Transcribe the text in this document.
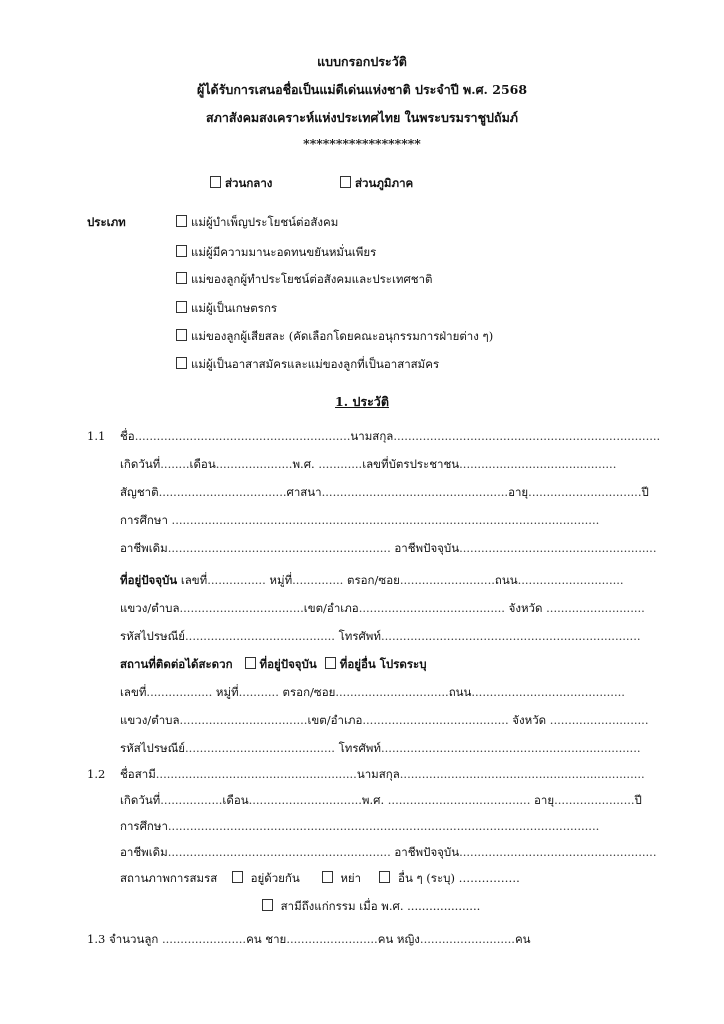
แบบกรอกประวัติ
ผู้ได้รับการเสนอชื่อเป็นแม่ดีเด่นแห่งชาติ ประจำปี พ.ศ. 2568
สภาสังคมสงเคราะห์แห่งประเทศไทย ในพระบรมราชูปถัมภ์
******************
ส่วนกลาง	ส่วนภูมิภาค
ประเภท	แม่ผู้บำเพ็ญประโยชน์ต่อสังคม
แม่ผู้มีความมานะอดทนขยันหมั่นเพียร
แม่ของลูกผู้ทำประโยชน์ต่อสังคมและประเทศชาติ
แม่ผู้เป็นเกษตรกร
แม่ของลูกผู้เสียสละ (คัดเลือกโดยคณะอนุกรรมการฝ่ายต่าง ๆ)
แม่ผู้เป็นอาสาสมัครและแม่ของลูกที่เป็นอาสาสมัคร
1. ประวัติ
1.1 ชื่อ...........................................................นามสกุล.........................................................................
เกิดวันที่........เดือน.....................พ.ศ. ............เลขที่บัตรประชาชน...........................................
สัญชาติ...................................ศาสนา...................................................อายุ...............................ปี
การศึกษา .....................................................................................................................
อาชีพเดิม............................................................. อาชีพปัจจุบัน......................................................
ที่อยู่ปัจจุบัน เลขที่................ หมู่ที่.............. ตรอก/ซอย..........................ถนน.............................
แขวง/ตำบล..................................เขต/อำเภอ........................................ จังหวัด ...........................
รหัสไปรษณีย์......................................... โทรศัพท์.......................................................................
สถานที่ติดต่อได้สะดวก ที่อยู่ปัจจุบัน ที่อยู่อื่น โปรดระบุ
เลขที่.................. หมู่ที่........... ตรอก/ซอย...............................ถนน..........................................
แขวง/ตำบล...................................เขต/อำเภอ........................................ จังหวัด ...........................
รหัสไปรษณีย์......................................... โทรศัพท์.......................................................................
1.2 ชื่อสามี.......................................................นามสกุล...................................................................
เกิดวันที่.................เดือน...............................พ.ศ. ....................................... อายุ......................ปี
การศึกษา......................................................................................................................
อาชีพเดิม............................................................. อาชีพปัจจุบัน......................................................
สถานภาพการสมรส	อยู่ด้วยกัน	หย่า	อื่น ๆ (ระบุ) …………….
สามีถึงแก่กรรม เมื่อ พ.ศ. ....................
1.3 จำนวนลูก .......................คน ชาย.........................คน หญิง..........................คน
